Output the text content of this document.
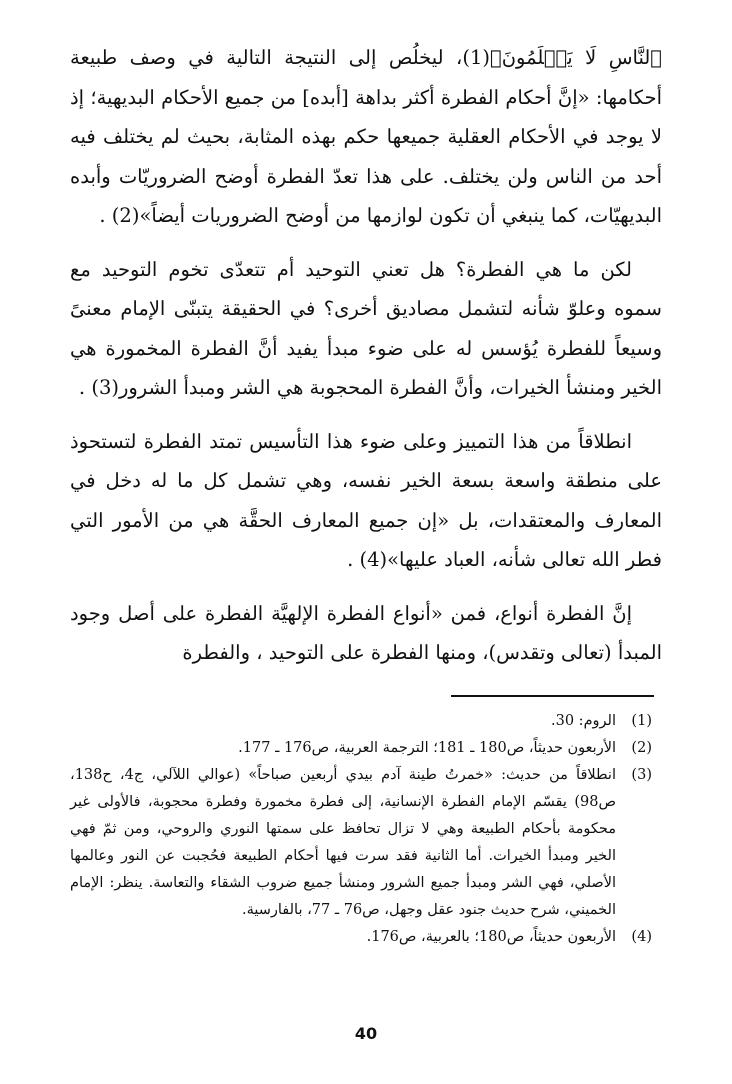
ٱلنَّاسِ لَا يَعۡلَمُونَ﴾(1)، ليخلُص إلى النتيجة التالية في وصف طبيعة أحكامها: «إنَّ أحكام الفطرة أكثر بداهة [أبده] من جميع الأحكام البديهية؛ إذ لا يوجد في الأحكام العقلية جميعها حكم بهذه المثابة، بحيث لم يختلف فيه أحد من الناس ولن يختلف. على هذا تعدّ الفطرة أوضح الضروريّات وأبده البديهيّات، كما ينبغي أن تكون لوازمها من أوضح الضروريات أيضاً»(2) .

لكن ما هي الفطرة؟ هل تعني التوحيد أم تتعدّى تخوم التوحيد مع سموه وعلوّ شأنه لتشمل مصاديق أخرى؟ في الحقيقة يتبنّى الإمام معنىً وسيعاً للفطرة يُؤسس له على ضوء مبدأ يفيد أنَّ الفطرة المخمورة هي الخير ومنشأ الخيرات، وأنَّ الفطرة المحجوبة هي الشر ومبدأ الشرور(3) .

انطلاقاً من هذا التمييز وعلى ضوء هذا التأسيس تمتد الفطرة لتستحوذ على منطقة واسعة بسعة الخير نفسه، وهي تشمل كل ما له دخل في المعارف والمعتقدات، بل «إن جميع المعارف الحقَّة هي من الأمور التي فطر الله تعالى شأنه، العباد عليها»(4) .

إنَّ الفطرة أنواع، فمن «أنواع الفطرة الإلهيَّة الفطرة على أصل وجود المبدأ (تعالى وتقدس)، ومنها الفطرة على التوحيد ، والفطرة

(1)
الروم: 30.
(2)
الأربعون حديثاً، ص180 ـ 181؛ الترجمة العربية، ص176 ـ 177.
(3)
انطلاقاً من حديث: «خمرتُ طينة آدم بيدي أربعين صباحاً» (عوالي اللآلي، ج4، ح138، ص98) يقسّم الإمام الفطرة الإنسانية، إلى فطرة مخمورة وفطرة محجوبة، فالأولى غير محكومة بأحكام الطبيعة وهي لا تزال تحافظ على سمتها النوري والروحي، ومن ثمّ فهي الخير ومبدأ الخيرات. أما الثانية فقد سرت فيها أحكام الطبيعة فحُجبت عن النور وعالمها الأصلي، فهي الشر ومبدأ جميع الشرور ومنشأ جميع ضروب الشقاء والتعاسة. ينظر: الإمام الخميني، شرح حديث جنود عقل وجهل، ص76 ـ 77، بالفارسية.
(4)
الأربعون حديثاً، ص180؛ بالعربية، ص176.
40
